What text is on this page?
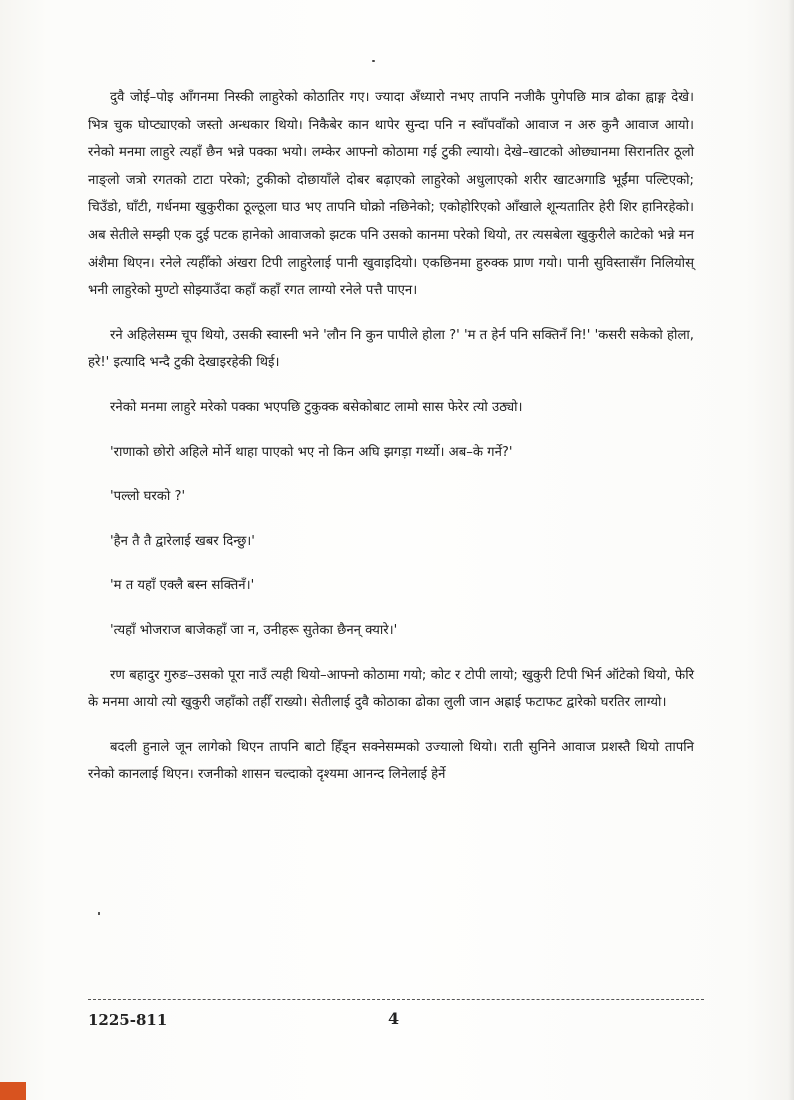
दुवै जोई–पोइ आँगनमा निस्की लाहुरेको कोठातिर गए। ज्यादा अँध्यारो नभए तापनि नजीकै पुगेपछि मात्र ढोका ह्वाङ्ग देखे। भित्र चुक घोप्ट्याएको जस्तो अन्धकार थियो। निकैबेर कान थापेर सुन्दा पनि न स्वाँपवाँको आवाज न अरु कुनै आवाज आयो। रनेको मनमा लाहुरे त्यहाँ छैन भन्ने पक्का भयो। लम्केर आफ्नो कोठामा गई टुकी ल्यायो। देखे–खाटको ओछ्यानमा सिरानतिर ठूलो नाङ्लो जत्रो रगतको टाटा परेको; टुकीको दोछायाँले दोबर बढ़ाएको लाहुरेको अधुलाएको शरीर खाटअगाडि भूईंमा पल्टिएको; चिउँडो, घाँटी, गर्धनमा खुकुरीका ठूल्ठूला घाउ भए तापनि घोक्रो नछिनेको; एकोहोरिएको आँखाले शून्यतातिर हेरी शिर हानिरहेको। अब सेतीले सम्झी एक दुई पटक हानेको आवाजको झटक पनि उसको कानमा परेको थियो, तर त्यसबेला खुकुरीले काटेको भन्ने मन अंशैमा थिएन। रनेले त्यहीँको अंखरा टिपी लाहुरेलाई पानी खुवाइदियो। एकछिनमा हुरुक्क प्राण गयो। पानी सुविस्तासँग निलियोस् भनी लाहुरेको मुण्टो सोझ्याउँदा कहाँ कहाँ रगत लाग्यो रनेले पत्तै पाएन।

रने अहिलेसम्म चूप थियो, उसकी स्वास्नी भने 'लौन नि कुन पापीले होला ?' 'म त हेर्न पनि सक्तिनँ नि!' 'कसरी सकेको होला, हरे!' इत्यादि भन्दै टुकी देखाइरहेकी थिई।

रनेको मनमा लाहुरे मरेको पक्का भएपछि टुकुक्क बसेकोबाट लामो सास फेरेर त्यो उठ्यो।

'राणाको छोरो अहिले मोर्ने थाहा पाएको भए नो किन अघि झगड़ा गर्थ्यो। अब–के गर्ने?'

'पल्लो घरको ?'

'हैन तै तै द्वारेलाई खबर दिन्छु।'

'म त यहाँ एक्लै बस्न सक्तिनँ।'

'त्यहाँ भोजराज बाजेकहाँ जा न, उनीहरू सुतेका छैनन् क्यारे।'

रण बहादुर गुरुङ–उसको पूरा नाउँ त्यही थियो–आफ्नो कोठामा गयो; कोट र टोपी लायो; खुकुरी टिपी भिर्न ऑटेको थियो, फेरि के मनमा आयो त्यो खुकुरी जहाँको तहीँ राख्यो। सेतीलाई दुवै कोठाका ढोका लुली जान अह्राई फटाफट द्वारेको घरतिर लाग्यो।

बदली हुनाले जून लागेको थिएन तापनि बाटो हिँड्न सक्नेसम्मको उज्यालो थियो। राती सुनिने आवाज प्रशस्तै थियो तापनि रनेको कानलाई थिएन। रजनीको शासन चल्दाको दृश्यमा आनन्द लिनेलाई हेर्ने

1225-811	4
